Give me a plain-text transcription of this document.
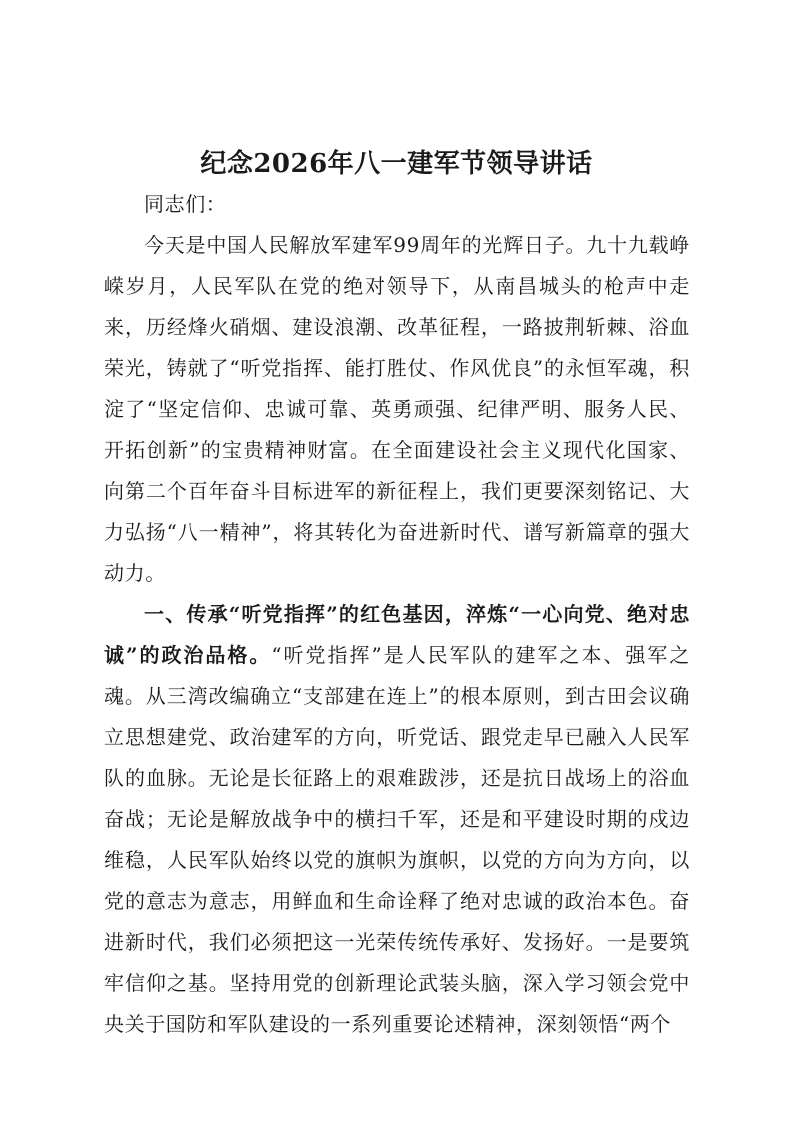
纪念2026年八一建军节领导讲话

同志们：

今天是中国人民解放军建军99周年的光辉日子。九十九载峥嵘岁月，人民军队在党的绝对领导下，从南昌城头的枪声中走来，历经烽火硝烟、建设浪潮、改革征程，一路披荆斩棘、浴血荣光，铸就了“听党指挥、能打胜仗、作风优良”的永恒军魂，积淀了“坚定信仰、忠诚可靠、英勇顽强、纪律严明、服务人民、开拓创新”的宝贵精神财富。在全面建设社会主义现代化国家、向第二个百年奋斗目标进军的新征程上，我们更要深刻铭记、大力弘扬“八一精神”，将其转化为奋进新时代、谱写新篇章的强大动力。

一、传承“听党指挥”的红色基因，淬炼“一心向党、绝对忠诚”的政治品格。“听党指挥”是人民军队的建军之本、强军之魂。从三湾改编确立“支部建在连上”的根本原则，到古田会议确立思想建党、政治建军的方向，听党话、跟党走早已融入人民军队的血脉。无论是长征路上的艰难跋涉，还是抗日战场上的浴血奋战；无论是解放战争中的横扫千军，还是和平建设时期的戍边维稳，人民军队始终以党的旗帜为旗帜，以党的方向为方向，以党的意志为意志，用鲜血和生命诠释了绝对忠诚的政治本色。奋进新时代，我们必须把这一光荣传统传承好、发扬好。一是要筑牢信仰之基。坚持用党的创新理论武装头脑，深入学习领会党中央关于国防和军队建设的一系列重要论述精神，深刻领悟“两个
